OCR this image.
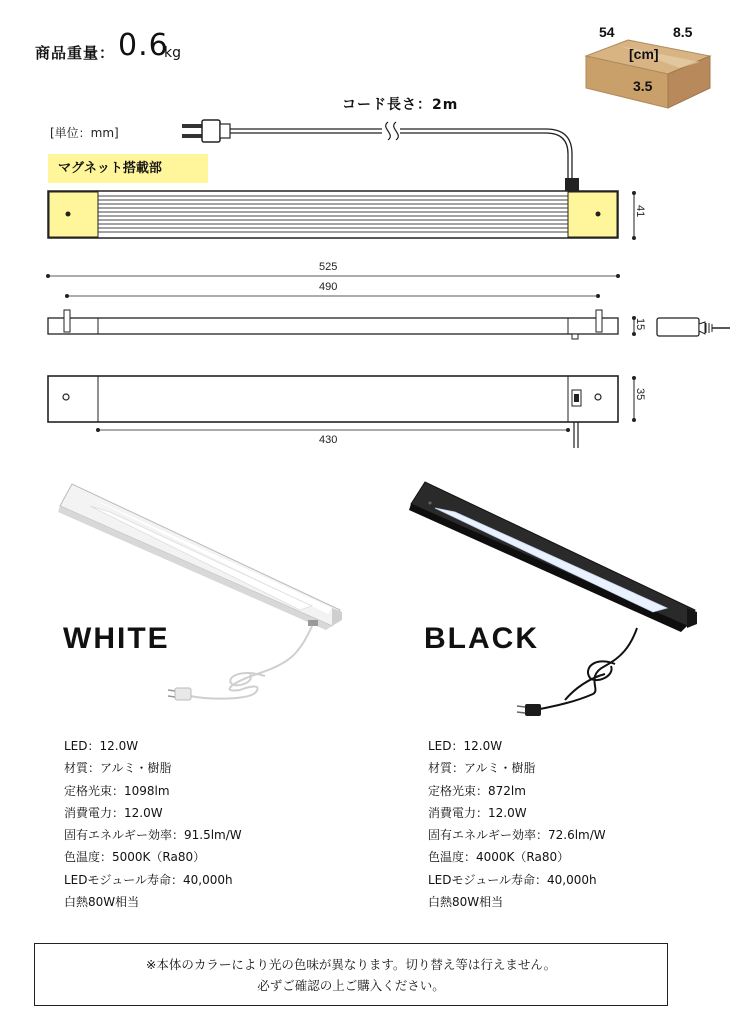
商品重量： 0.6
kg
54	8.5
[cm]
3.5
[単位：mm]
コード長さ：2m
マグネット搭載部
41
525
490
15
35
430
WHITE	BLACK
LED：12.0W
材質：アルミ・樹脂
定格光束：1098lm
消費電力：12.0W
固有エネルギー効率：91.5lm/W
色温度：5000K（Ra80）
LEDモジュール寿命：40,000h
白熱80W相当
LED：12.0W
材質：アルミ・樹脂
定格光束：872lm
消費電力：12.0W
固有エネルギー効率：72.6lm/W
色温度：4000K（Ra80）
LEDモジュール寿命：40,000h
白熱80W相当
※本体のカラーにより光の色味が異なります。切り替え等は行えません。
必ずご確認の上ご購入ください。
